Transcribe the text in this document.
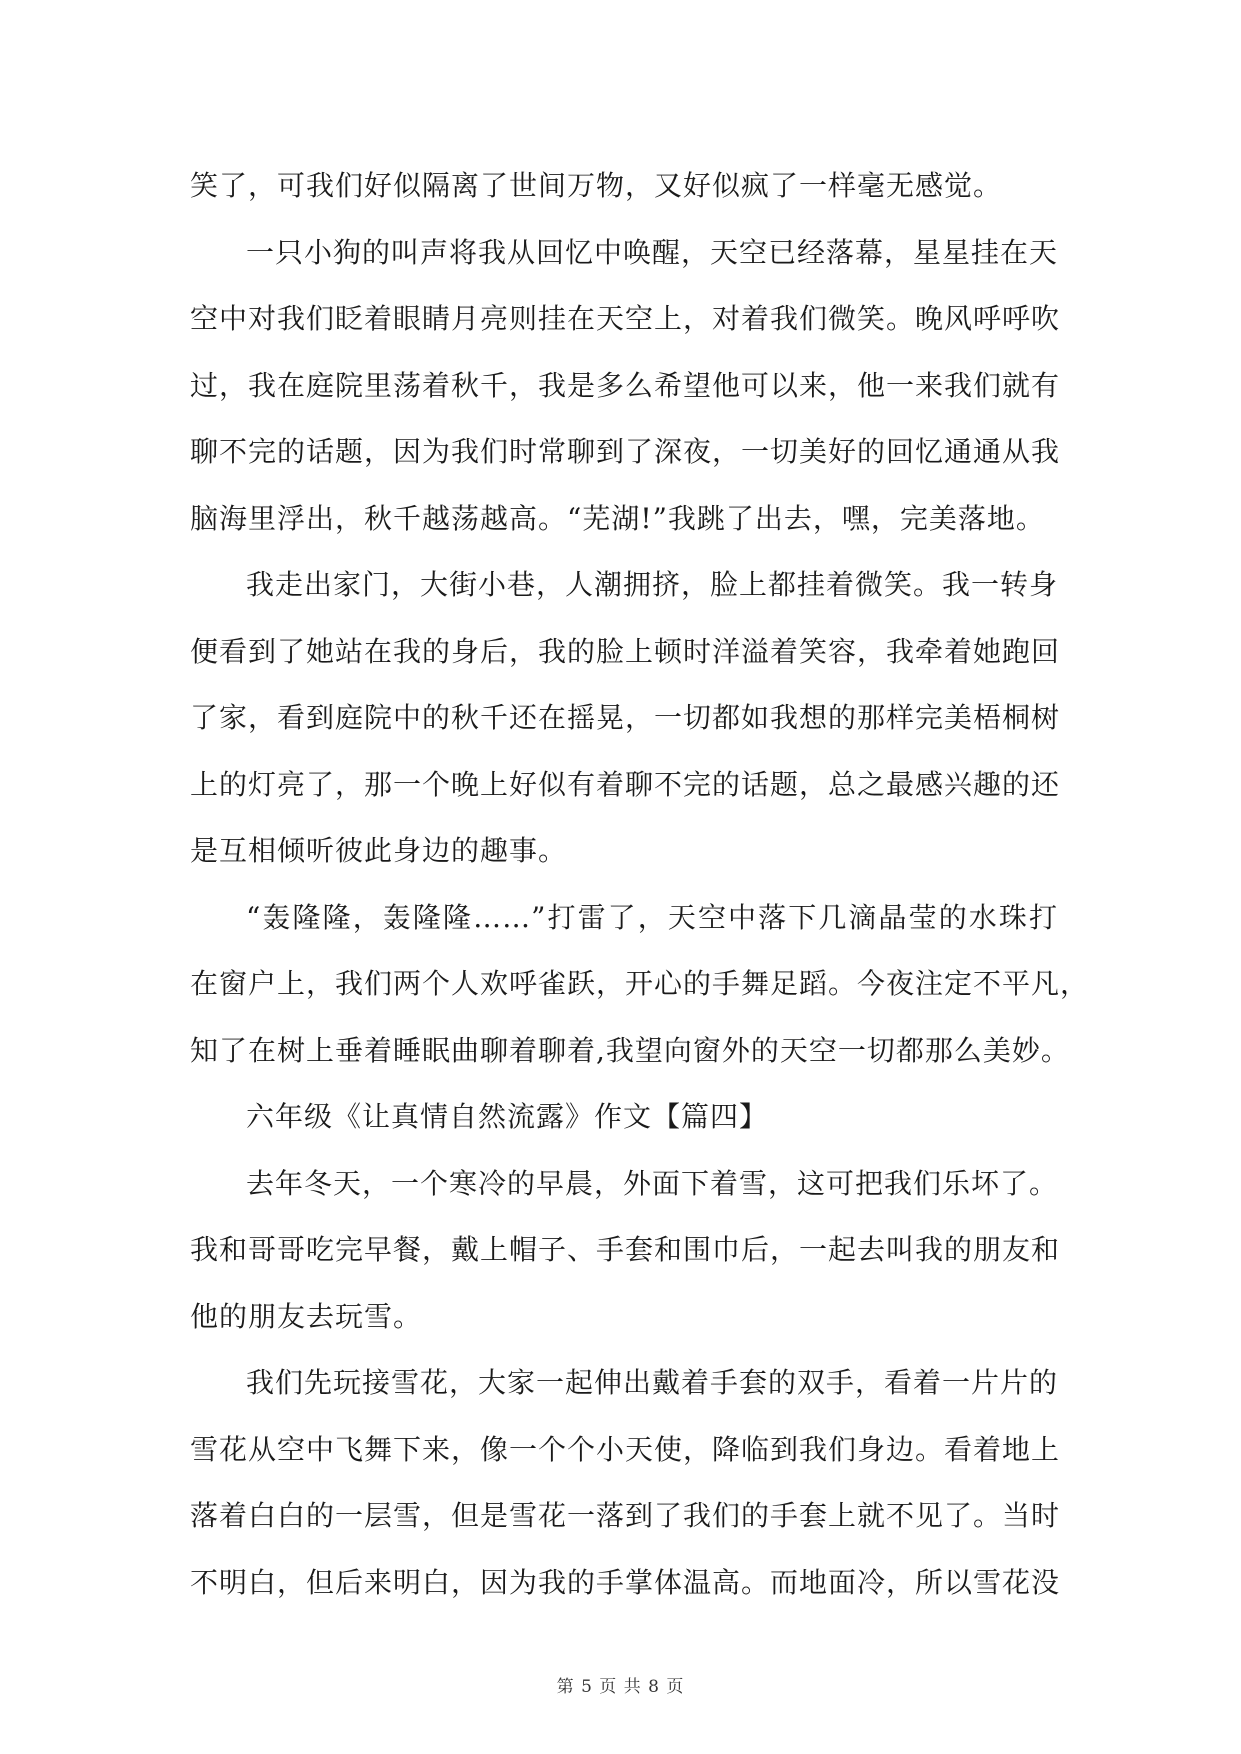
笑了，可我们好似隔离了世间万物，又好似疯了一样毫无感觉。
一只小狗的叫声将我从回忆中唤醒，天空已经落幕，星星挂在天
空中对我们眨着眼睛月亮则挂在天空上，对着我们微笑。晚风呼呼吹
过，我在庭院里荡着秋千，我是多么希望他可以来，他一来我们就有
聊不完的话题，因为我们时常聊到了深夜，一切美好的回忆通通从我
脑海里浮出，秋千越荡越高。“芜湖!”我跳了出去，嘿，完美落地。
我走出家门，大街小巷，人潮拥挤，脸上都挂着微笑。我一转身
便看到了她站在我的身后，我的脸上顿时洋溢着笑容，我牵着她跑回
了家，看到庭院中的秋千还在摇晃，一切都如我想的那样完美梧桐树
上的灯亮了，那一个晚上好似有着聊不完的话题，总之最感兴趣的还
是互相倾听彼此身边的趣事。
“轰隆隆，轰隆隆……”打雷了，天空中落下几滴晶莹的水珠打
在窗户上，我们两个人欢呼雀跃，开心的手舞足蹈。今夜注定不平凡，
知了在树上垂着睡眠曲聊着聊着,我望向窗外的天空一切都那么美妙。
六年级《让真情自然流露》作文【篇四】
去年冬天，一个寒冷的早晨，外面下着雪，这可把我们乐坏了。
我和哥哥吃完早餐，戴上帽子、手套和围巾后，一起去叫我的朋友和
他的朋友去玩雪。
我们先玩接雪花，大家一起伸出戴着手套的双手，看着一片片的
雪花从空中飞舞下来，像一个个小天使，降临到我们身边。看着地上
落着白白的一层雪，但是雪花一落到了我们的手套上就不见了。当时
不明白，但后来明白，因为我的手掌体温高。而地面冷，所以雪花没
第 5 页 共 8 页
